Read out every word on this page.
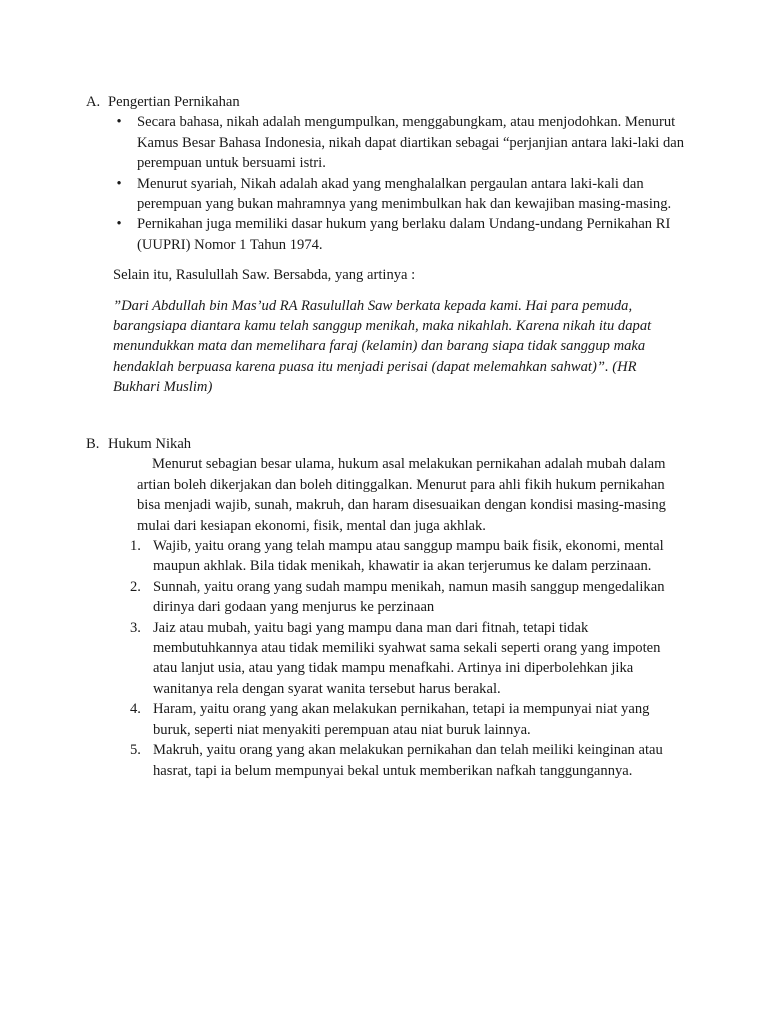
A. Pengertian Pernikahan
• Secara bahasa, nikah adalah mengumpulkan, menggabungkam, atau menjodohkan. Menurut Kamus Besar Bahasa Indonesia, nikah dapat diartikan sebagai “perjanjian antara laki-laki dan perempuan untuk bersuami istri.
• Menurut syariah, Nikah adalah akad yang menghalalkan pergaulan antara laki-kali dan perempuan yang bukan mahramnya yang menimbulkan hak dan kewajiban masing-masing.
• Pernikahan juga memiliki dasar hukum yang berlaku dalam Undang-undang Pernikahan RI (UUPRI) Nomor 1 Tahun 1974.
Selain itu, Rasulullah Saw. Bersabda, yang artinya :
”Dari Abdullah bin Mas’ud RA Rasulullah Saw berkata kepada kami. Hai para pemuda, barangsiapa diantara kamu telah sanggup menikah, maka nikahlah. Karena nikah itu dapat menundukkan mata dan memelihara faraj (kelamin) dan barang siapa tidak sanggup maka hendaklah berpuasa karena puasa itu menjadi perisai (dapat melemahkan sahwat)”. (HR Bukhari Muslim)
B. Hukum Nikah
Menurut sebagian besar ulama, hukum asal melakukan pernikahan adalah mubah dalam artian boleh dikerjakan dan boleh ditinggalkan. Menurut para ahli fikih hukum pernikahan bisa menjadi wajib, sunah, makruh, dan haram disesuaikan dengan kondisi masing-masing mulai dari kesiapan ekonomi, fisik, mental dan juga akhlak.
1. Wajib, yaitu orang yang telah mampu atau sanggup mampu baik fisik, ekonomi, mental maupun akhlak. Bila tidak menikah, khawatir ia akan terjerumus ke dalam perzinaan.
2. Sunnah, yaitu orang yang sudah mampu menikah, namun masih sanggup mengedalikan dirinya dari godaan yang menjurus ke perzinaan
3. Jaiz atau mubah, yaitu bagi yang mampu dana man dari fitnah, tetapi tidak membutuhkannya atau tidak memiliki syahwat sama sekali seperti orang yang impoten atau lanjut usia, atau yang tidak mampu menafkahi. Artinya ini diperbolehkan jika wanitanya rela dengan syarat wanita tersebut harus berakal.
4. Haram, yaitu orang yang akan melakukan pernikahan, tetapi ia mempunyai niat yang buruk, seperti niat menyakiti perempuan atau niat buruk lainnya.
5. Makruh, yaitu orang yang akan melakukan pernikahan dan telah meiliki keinginan atau hasrat, tapi ia belum mempunyai bekal untuk memberikan nafkah tanggungannya.
